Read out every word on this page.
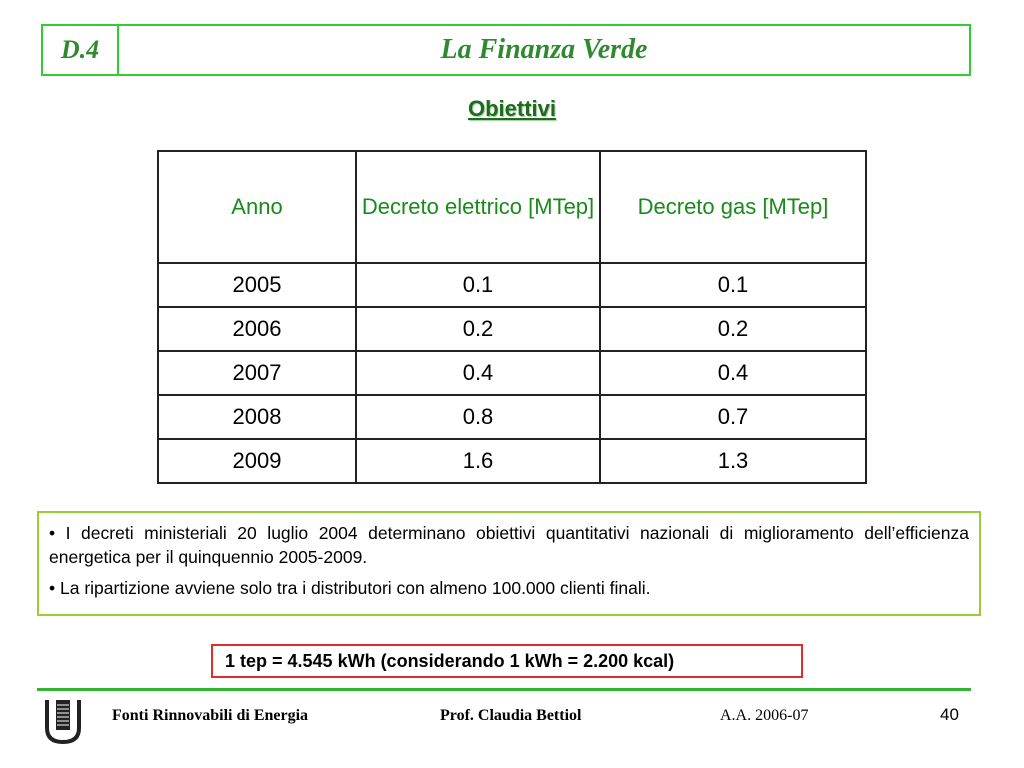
D.4	La Finanza Verde
Obiettivi
Anno	Decreto elettrico [MTep]	Decreto gas [MTep]
2005	0.1	0.1
2006	0.2	0.2
2007	0.4	0.4
2008	0.8	0.7
2009	1.6	1.3

• I decreti ministeriali 20 luglio 2004 determinano obiettivi quantitativi nazionali di miglioramento dell’efficienza energetica per il quinquennio 2005-2009.

• La ripartizione avviene solo tra i distributori con almeno 100.000 clienti finali.

1 tep = 4.545 kWh (considerando 1 kWh = 2.200 kcal)
Fonti Rinnovabili di Energia	Prof. Claudia Bettiol	A.A. 2006-07	40
